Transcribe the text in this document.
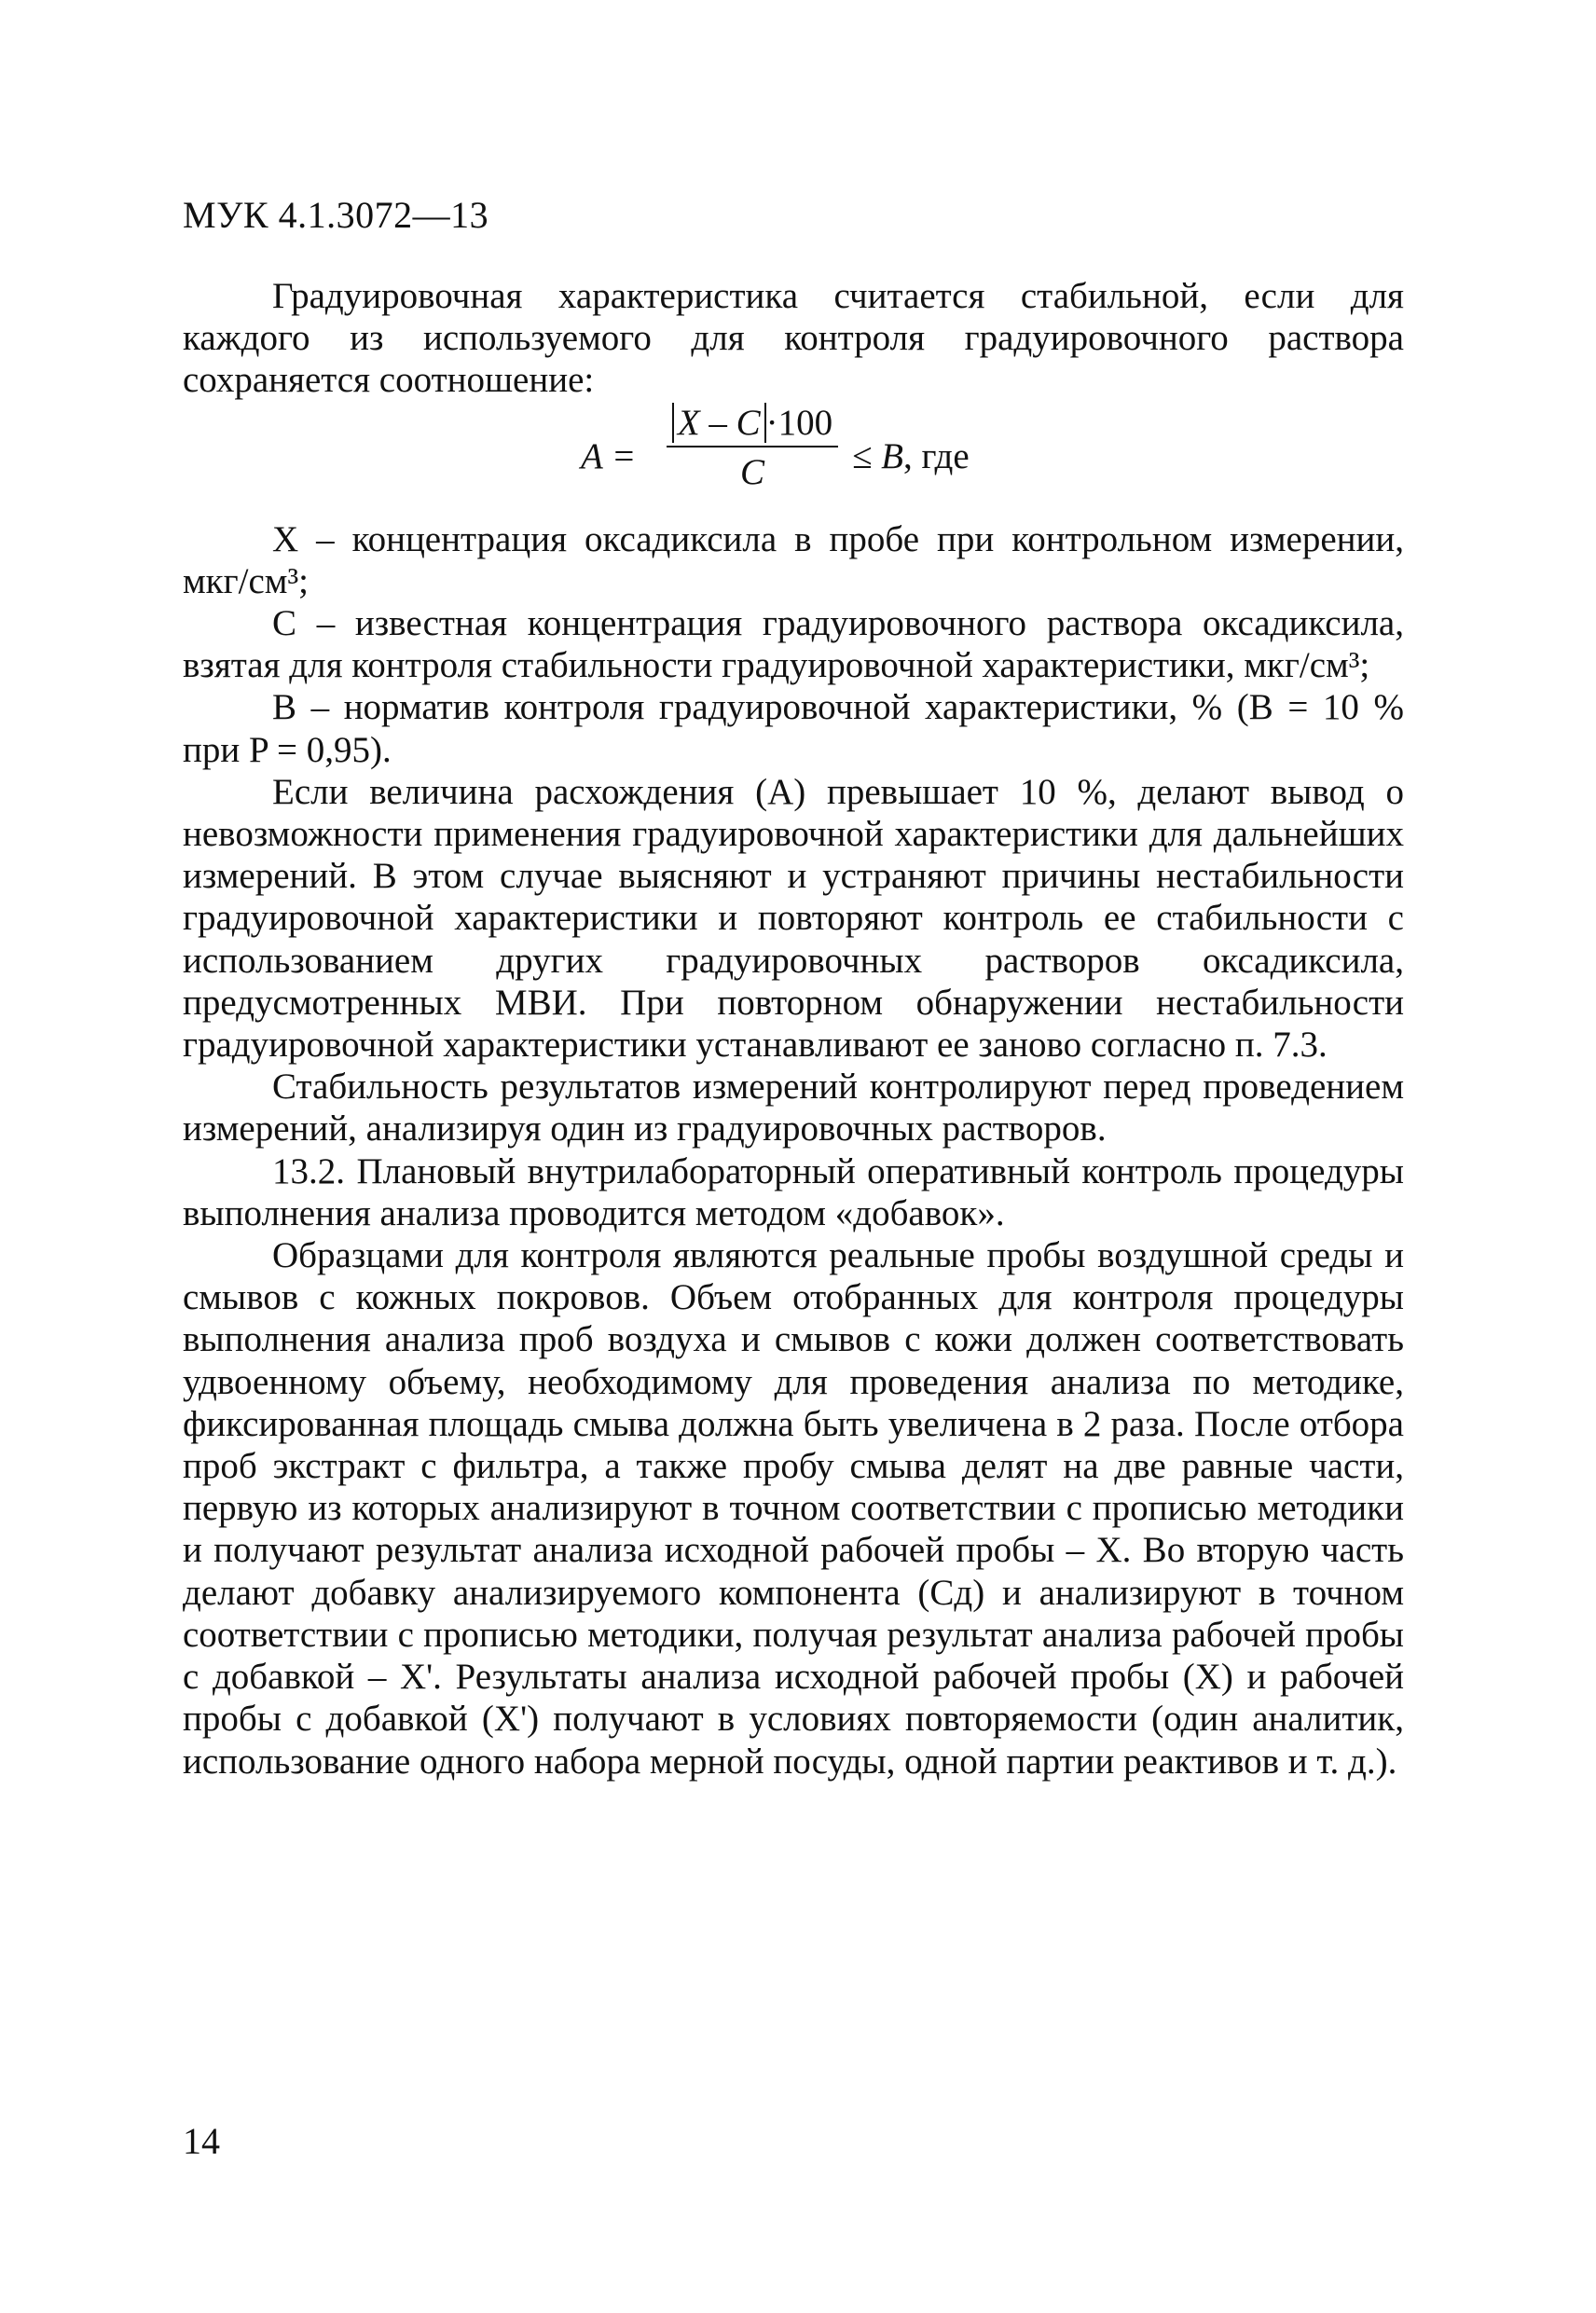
МУК 4.1.3072—13

Градуировочная характеристика считается стабильной, если для каждого из используемого для контроля градуировочного раствора сохраняется соотношение:

A =
X – C ·100
C	≤ B, где

X – концентрация оксадиксила в пробе при контрольном измерении, мкг/см³;

C – известная концентрация градуировочного раствора оксадиксила, взятая для контроля стабильности градуировочной характеристики, мкг/см³;

B – норматив контроля градуировочной характеристики, % (B = 10 % при P = 0,95).

Если величина расхождения (A) превышает 10 %, делают вывод о невозможности применения градуировочной характеристики для дальнейших измерений. В этом случае выясняют и устраняют причины нестабильности градуировочной характеристики и повторяют контроль ее стабильности с использованием других градуировочных растворов оксадиксила, предусмотренных МВИ. При повторном обнаружении нестабильности градуировочной характеристики устанавливают ее заново согласно п. 7.3.

Стабильность результатов измерений контролируют перед проведением измерений, анализируя один из градуировочных растворов.

13.2. Плановый внутрилабораторный оперативный контроль процедуры выполнения анализа проводится методом «добавок».

Образцами для контроля являются реальные пробы воздушной среды и смывов с кожных покровов. Объем отобранных для контроля процедуры выполнения анализа проб воздуха и смывов с кожи должен соответствовать удвоенному объему, необходимому для проведения анализа по методике, фиксированная площадь смыва должна быть увеличена в 2 раза. После отбора проб экстракт с фильтра, а также пробу смыва делят на две равные части, первую из которых анализируют в точном соответствии с прописью методики и получают результат анализа исходной рабочей пробы – X. Во вторую часть делают добавку анализируемого компонента (Cд) и анализируют в точном соответствии с прописью методики, получая результат анализа рабочей пробы с добавкой – X'. Результаты анализа исходной рабочей пробы (X) и рабочей пробы с добавкой (X') получают в условиях повторяемости (один аналитик, использование одного набора мерной посуды, одной партии реактивов и т. д.).

14
